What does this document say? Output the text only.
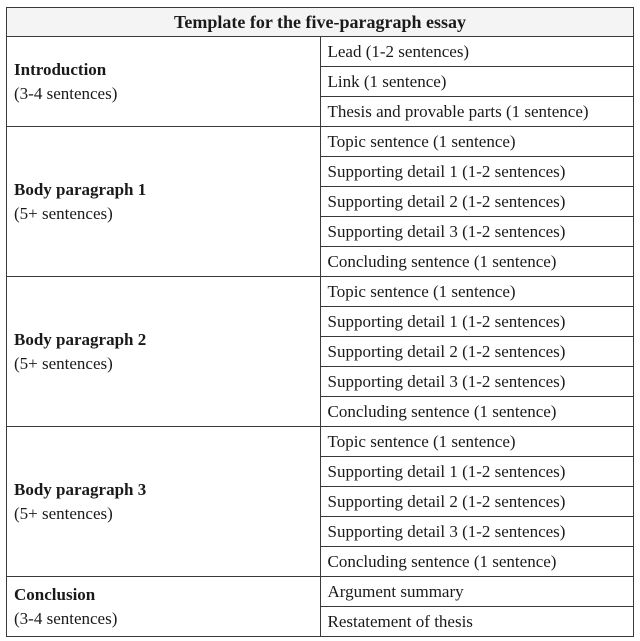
Template for the five-paragraph essay	

Introduction
(3-4 sentences)	Lead (1-2 sentences)
	Link (1 sentence)
	Thesis and provable parts (1 sentence)

Body paragraph 1
(5+ sentences)	Topic sentence (1 sentence)
	Supporting detail 1 (1-2 sentences)
	Supporting detail 2 (1-2 sentences)
	Supporting detail 3 (1-2 sentences)
	Concluding sentence (1 sentence)

Body paragraph 2
(5+ sentences)	Topic sentence (1 sentence)
	Supporting detail 1 (1-2 sentences)
	Supporting detail 2 (1-2 sentences)
	Supporting detail 3 (1-2 sentences)
	Concluding sentence (1 sentence)

Body paragraph 3
(5+ sentences)	Topic sentence (1 sentence)
	Supporting detail 1 (1-2 sentences)
	Supporting detail 2 (1-2 sentences)
	Supporting detail 3 (1-2 sentences)
	Concluding sentence (1 sentence)

Conclusion
(3-4 sentences)	Argument summary
	Restatement of thesis
